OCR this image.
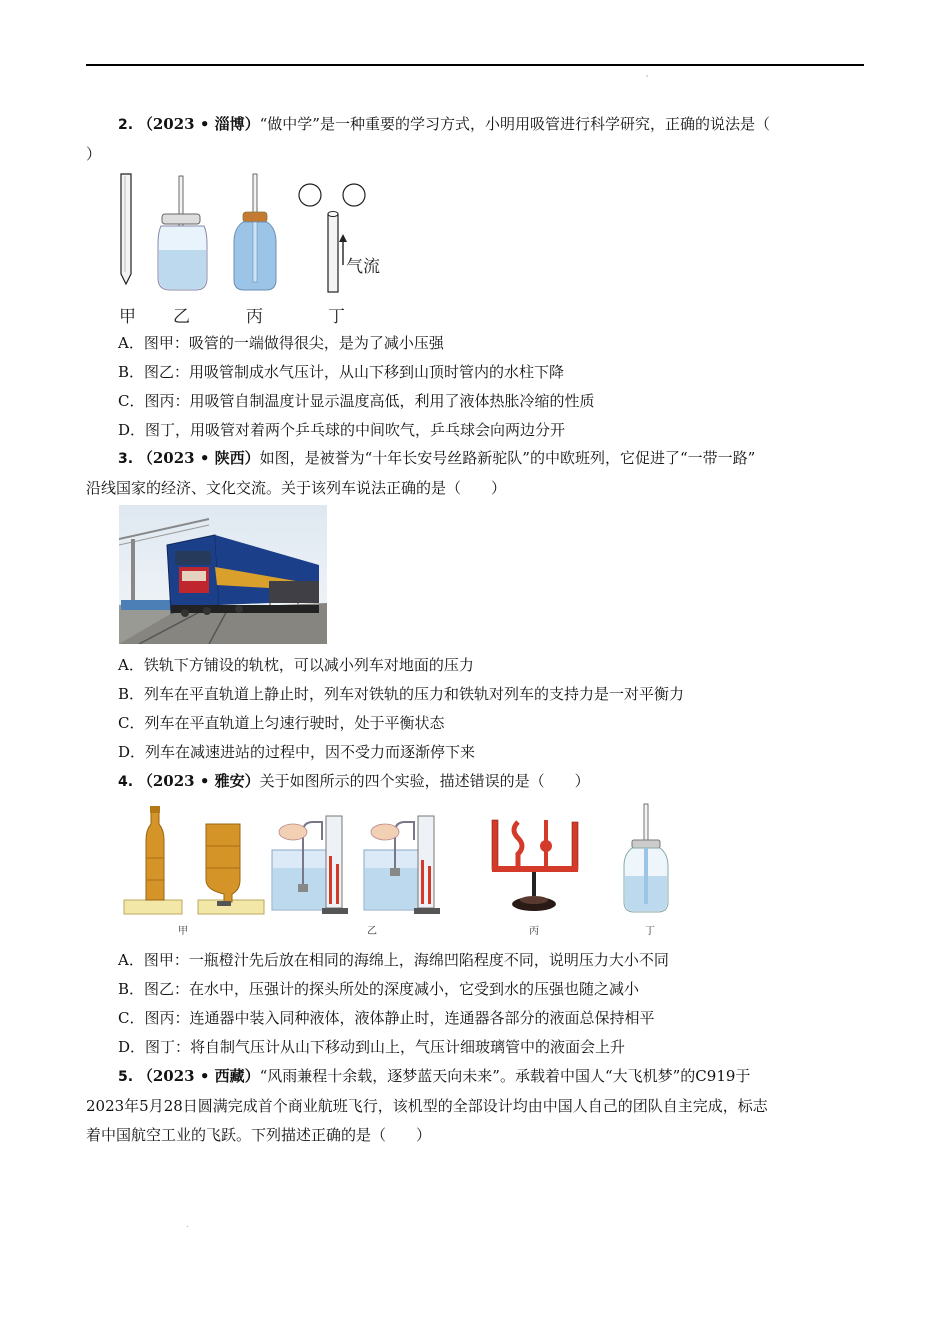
'
2. （2023 • 淄博）“做中学”是一种重要的学习方式，小明用吸管进行科学研究，正确的说法是（
）
气流
甲 乙	丙	丁
A．图甲：吸管的一端做得很尖，是为了减小压强
B．图乙：用吸管制成水气压计，从山下移到山顶时管内的水柱下降
C．图丙：用吸管自制温度计显示温度高低，利用了液体热胀冷缩的性质
D．图丁，用吸管对着两个乒乓球的中间吹气，乒乓球会向两边分开
3. （2023 • 陕西）如图，是被誉为“十年长安号丝路新驼队”的中欧班列，它促进了“一带一路”
沿线国家的经济、文化交流。关于该列车说法正确的是（　　）
A．铁轨下方铺设的轨枕，可以减小列车对地面的压力
B．列车在平直轨道上静止时，列车对铁轨的压力和铁轨对列车的支持力是一对平衡力
C．列车在平直轨道上匀速行驶时，处于平衡状态
D．列车在减速进站的过程中，因不受力而逐渐停下来
4. （2023 • 雅安）关于如图所示的四个实验，描述错误的是（　　）
甲	乙	丙	丁
A．图甲：一瓶橙汁先后放在相同的海绵上，海绵凹陷程度不同，说明压力大小不同
B．图乙：在水中，压强计的探头所处的深度减小，它受到水的压强也随之减小
C．图丙：连通器中装入同种液体，液体静止时，连通器各部分的液面总保持相平
D．图丁：将自制气压计从山下移动到山上，气压计细玻璃管中的液面会上升
5. （2023 • 西藏）“风雨兼程十余载，逐梦蓝天向未来”。承载着中国人“大飞机梦”的C919于
2023年5月28日圆满完成首个商业航班飞行，该机型的全部设计均由中国人自己的团队自主完成，标志
着中国航空工业的飞跃。下列描述正确的是（　　）
.
